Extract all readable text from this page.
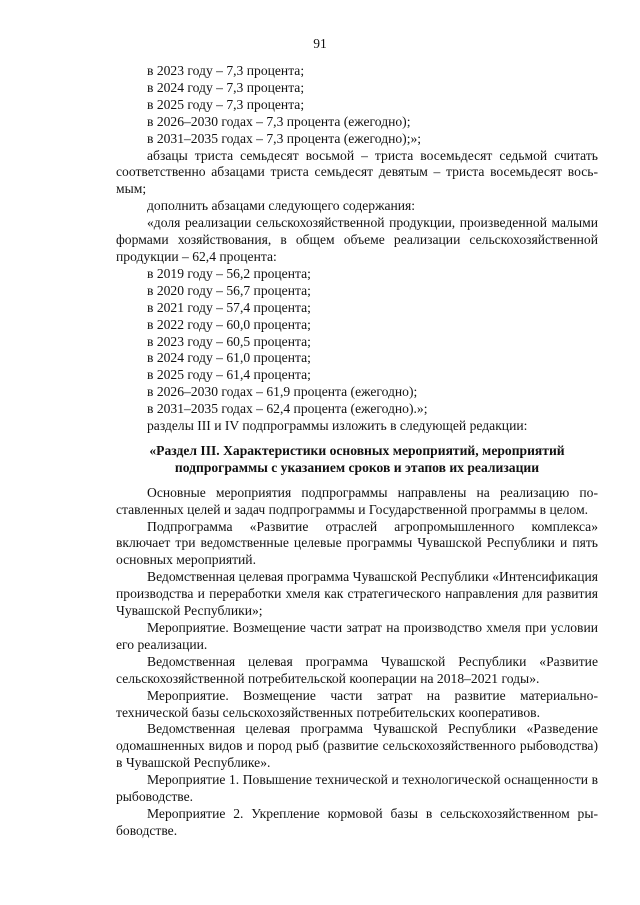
91

в 2023 году – 7,3 процента;

в 2024 году – 7,3 процента;

в 2025 году – 7,3 процента;

в 2026–2030 годах – 7,3 процента (ежегодно);

в 2031–2035 годах – 7,3 процента (ежегодно);»;

абзацы триста семьдесят восьмой – триста восемьдесят седьмой считать соответственно абзацами триста семьдесят девятым – триста восемьдесят восьмым;

дополнить абзацами следующего содержания:

«доля реализации сельскохозяйственной продукции, произведенной малыми формами хозяйствования, в общем объеме реализации сельскохозяйственной продукции – 62,4 процента:

в 2019 году – 56,2 процента;

в 2020 году – 56,7 процента;

в 2021 году – 57,4 процента;

в 2022 году – 60,0 процента;

в 2023 году – 60,5 процента;

в 2024 году – 61,0 процента;

в 2025 году – 61,4 процента;

в 2026–2030 годах – 61,9 процента (ежегодно);

в 2031–2035 годах – 62,4 процента (ежегодно).»;

разделы III и IV подпрограммы изложить в следующей редакции:

«Раздел III. Характеристики основных мероприятий, мероприятий
подпрограммы с указанием сроков и этапов их реализации

Основные мероприятия подпрограммы направлены на реализацию поставленных целей и задач подпрограммы и Государственной программы в целом.

Подпрограмма «Развитие отраслей агропромышленного комплекса» включает три ведомственные целевые программы Чувашской Республики и пять основных мероприятий.

Ведомственная целевая программа Чувашской Республики «Интенсификация производства и переработки хмеля как стратегического направления для развития Чувашской Республики»;

Мероприятие. Возмещение части затрат на производство хмеля при условии его реализации.

Ведомственная целевая программа Чувашской Республики «Развитие сельскохозяйственной потребительской кооперации на 2018–2021 годы».

Мероприятие. Возмещение части затрат на развитие материально-технической базы сельскохозяйственных потребительских кооперативов.

Ведомственная целевая программа Чувашской Республики «Разведение одомашненных видов и пород рыб (развитие сельскохозяйственного рыбоводства) в Чувашской Республике».

Мероприятие 1. Повышение технической и технологической оснащенности в рыбоводстве.

Мероприятие 2. Укрепление кормовой базы в сельскохозяйственном рыбоводстве.
